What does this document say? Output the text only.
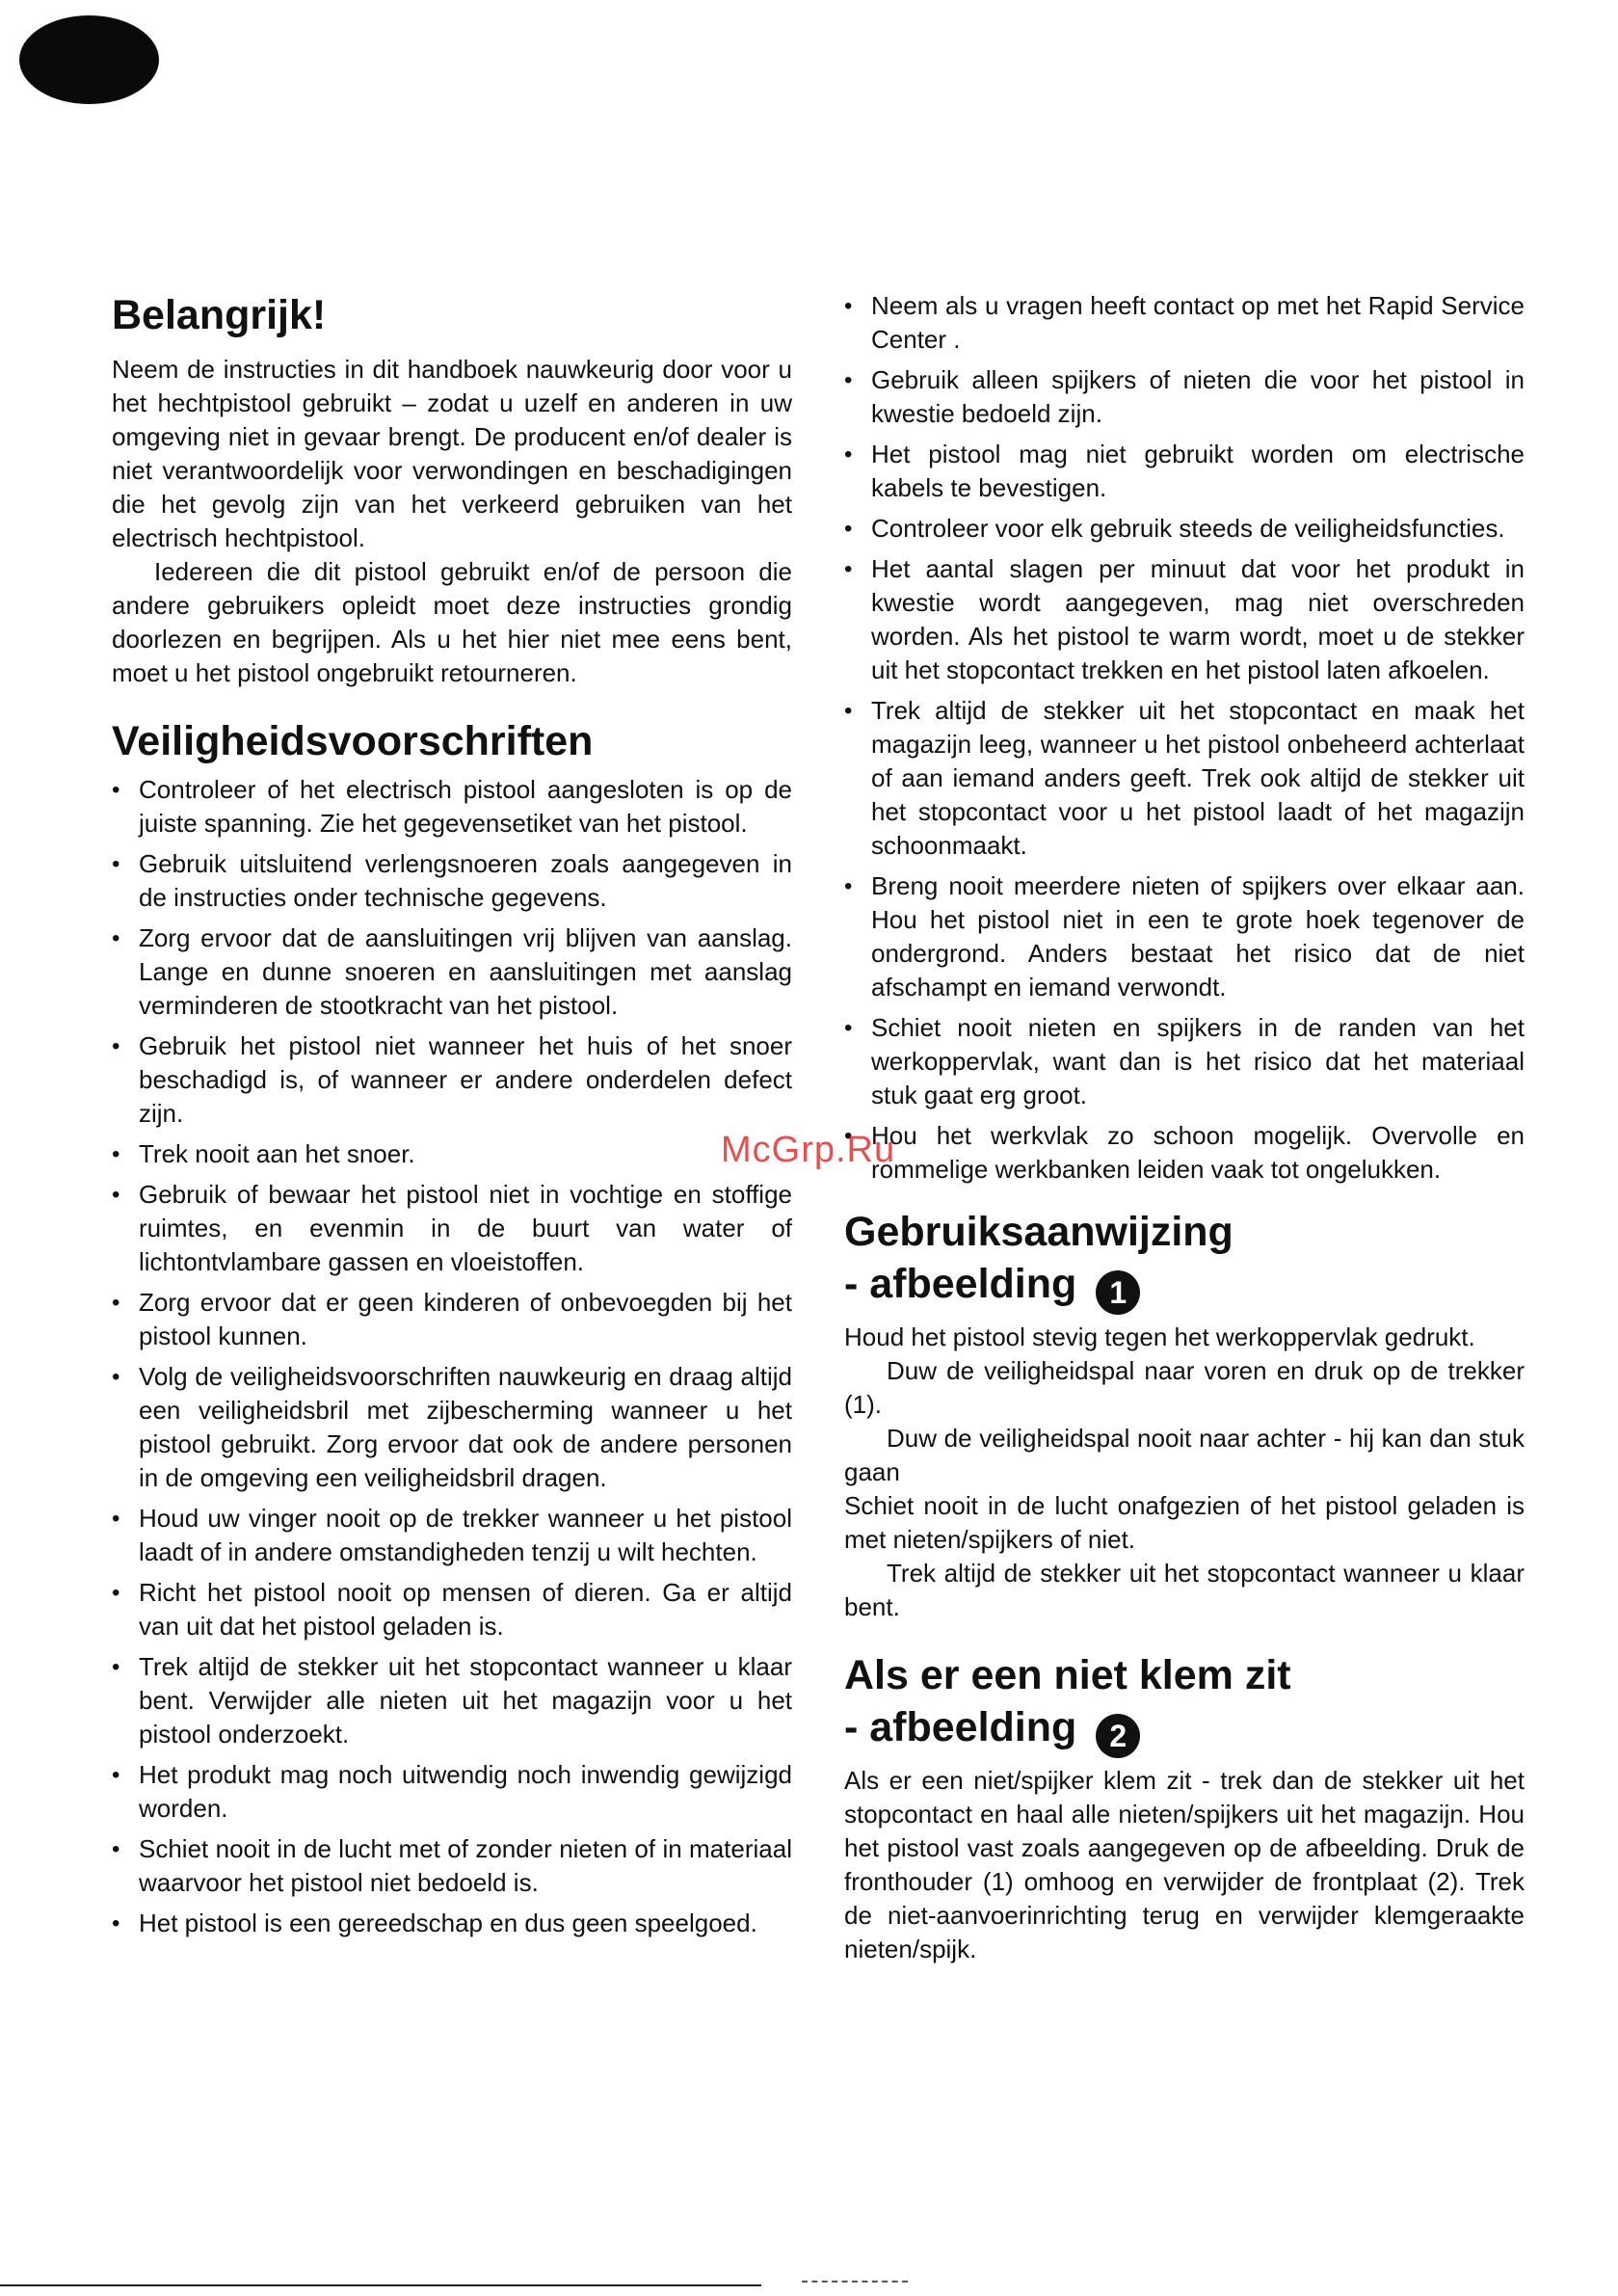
Belangrijk!

Neem de instructies in dit handboek nauwkeurig door voor u het hechtpistool gebruikt – zodat u uzelf en anderen in uw omgeving niet in gevaar brengt. De producent en/of dealer is niet verantwoordelijk voor verwondingen en beschadigingen die het gevolg zijn van het verkeerd gebruiken van het electrisch hechtpistool.

Iedereen die dit pistool gebruikt en/of de persoon die andere gebruikers opleidt moet deze instructies grondig doorlezen en begrijpen. Als u het hier niet mee eens bent, moet u het pistool ongebruikt retourneren.

Veiligheidsvoorschriften
• Controleer of het electrisch pistool aangesloten is op de juiste spanning. Zie het gegevensetiket van het pistool.
• Gebruik uitsluitend verlengsnoeren zoals aangegeven in de instructies onder technische gegevens.
• Zorg ervoor dat de aansluitingen vrij blijven van aanslag. Lange en dunne snoeren en aansluitingen met aanslag verminderen de stootkracht van het pistool.
• Gebruik het pistool niet wanneer het huis of het snoer beschadigd is, of wanneer er andere onderdelen defect zijn.
• Trek nooit aan het snoer.
• Gebruik of bewaar het pistool niet in vochtige en stoffige ruimtes, en evenmin in de buurt van water of lichtontvlambare gassen en vloeistoffen.
• Zorg ervoor dat er geen kinderen of onbevoegden bij het pistool kunnen.
• Volg de veiligheidsvoorschriften nauwkeurig en draag altijd een veiligheidsbril met zijbescherming wanneer u het pistool gebruikt. Zorg ervoor dat ook de andere personen in de omgeving een veiligheidsbril dragen.
• Houd uw vinger nooit op de trekker wanneer u het pistool laadt of in andere omstandigheden tenzij u wilt hechten.
• Richt het pistool nooit op mensen of dieren. Ga er altijd van uit dat het pistool geladen is.
• Trek altijd de stekker uit het stopcontact wanneer u klaar bent. Verwijder alle nieten uit het magazijn voor u het pistool onderzoekt.
• Het produkt mag noch uitwendig noch inwendig gewijzigd worden.
• Schiet nooit in de lucht met of zonder nieten of in materiaal waarvoor het pistool niet bedoeld is.
• Het pistool is een gereedschap en dus geen speelgoed.
• Neem als u vragen heeft contact op met het Rapid Service Center .
• Gebruik alleen spijkers of nieten die voor het pistool in kwestie bedoeld zijn.
• Het pistool mag niet gebruikt worden om electrische kabels te bevestigen.
• Controleer voor elk gebruik steeds de veiligheidsfuncties.
• Het aantal slagen per minuut dat voor het produkt in kwestie wordt aangegeven, mag niet overschreden worden. Als het pistool te warm wordt, moet u de stekker uit het stopcontact trekken en het pistool laten afkoelen.
• Trek altijd de stekker uit het stopcontact en maak het magazijn leeg, wanneer u het pistool onbeheerd achterlaat of aan iemand anders geeft. Trek ook altijd de stekker uit het stopcontact voor u het pistool laadt of het magazijn schoonmaakt.
• Breng nooit meerdere nieten of spijkers over elkaar aan. Hou het pistool niet in een te grote hoek tegenover de ondergrond. Anders bestaat het risico dat de niet afschampt en iemand verwondt.
• Schiet nooit nieten en spijkers in de randen van het werkoppervlak, want dan is het risico dat het materiaal stuk gaat erg groot.
• Hou het werkvlak zo schoon mogelijk. Overvolle en rommelige werkbanken leiden vaak tot ongelukken.
Gebruiksaanwijzing
- afbeelding 1

Houd het pistool stevig tegen het werkoppervlak gedrukt.

Duw de veiligheidspal naar voren en druk op de trekker (1).

Duw de veiligheidspal nooit naar achter - hij kan dan stuk gaan

Schiet nooit in de lucht onafgezien of het pistool geladen is met nieten/spijkers of niet.

Trek altijd de stekker uit het stopcontact wanneer u klaar bent.

Als er een niet klem zit
- afbeelding 2

Als er een niet/spijker klem zit - trek dan de stekker uit het stopcontact en haal alle nieten/spijkers uit het magazijn. Hou het pistool vast zoals aangegeven op de afbeelding. Druk de fronthouder (1) omhoog en verwijder de frontplaat (2). Trek de niet-aanvoerinrichting terug en verwijder klemgeraakte nieten/spijk.

McGrp.Ru
